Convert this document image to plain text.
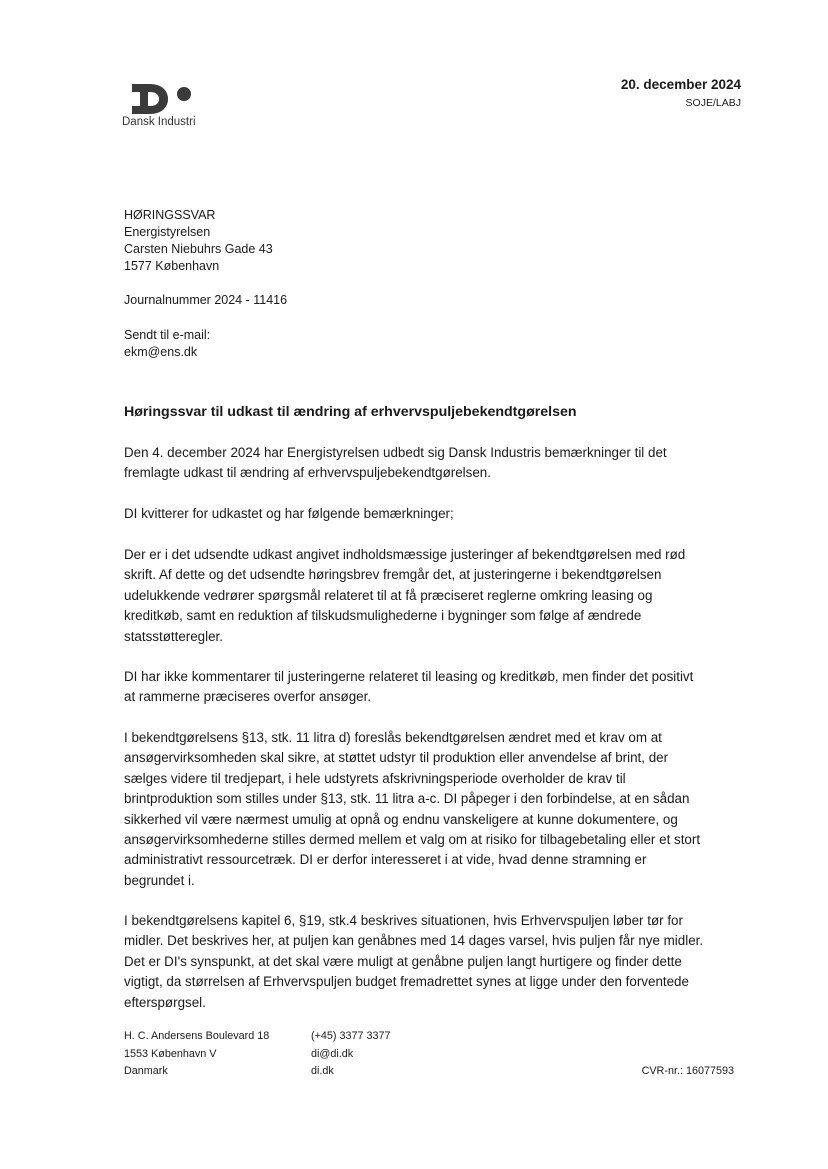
Dansk Industri
20. december 2024
SOJE/LABJ
HØRINGSSVAR
Energistyrelsen
Carsten Niebuhrs Gade 43
1577 København
Journalnummer 2024 - 11416
Sendt til e-mail:
ekm@ens.dk
Høringssvar til udkast til ændring af erhvervspuljebekendtgørelsen
Den 4. december 2024 har Energistyrelsen udbedt sig Dansk Industris bemærkninger til det
fremlagte udkast til ændring af erhvervspuljebekendtgørelsen.
DI kvitterer for udkastet og har følgende bemærkninger;
Der er i det udsendte udkast angivet indholdsmæssige justeringer af bekendtgørelsen med rød
skrift. Af dette og det udsendte høringsbrev fremgår det, at justeringerne i bekendtgørelsen
udelukkende vedrører spørgsmål relateret til at få præciseret reglerne omkring leasing og
kreditkøb, samt en reduktion af tilskudsmulighederne i bygninger som følge af ændrede
statsstøtteregler.
DI har ikke kommentarer til justeringerne relateret til leasing og kreditkøb, men finder det positivt
at rammerne præciseres overfor ansøger.
I bekendtgørelsens §13, stk. 11 litra d) foreslås bekendtgørelsen ændret med et krav om at
ansøgervirksomheden skal sikre, at støttet udstyr til produktion eller anvendelse af brint, der
sælges videre til tredjepart, i hele udstyrets afskrivningsperiode overholder de krav til
brintproduktion som stilles under §13, stk. 11 litra a-c. DI påpeger i den forbindelse, at en sådan
sikkerhed vil være nærmest umulig at opnå og endnu vanskeligere at kunne dokumentere, og
ansøgervirksomhederne stilles dermed mellem et valg om at risiko for tilbagebetaling eller et stort
administrativt ressourcetræk. DI er derfor interesseret i at vide, hvad denne stramning er
begrundet i.
I bekendtgørelsens kapitel 6, §19, stk.4 beskrives situationen, hvis Erhvervspuljen løber tør for
midler. Det beskrives her, at puljen kan genåbnes med 14 dages varsel, hvis puljen får nye midler.
Det er DI's synspunkt, at det skal være muligt at genåbne puljen langt hurtigere og finder dette
vigtigt, da størrelsen af Erhvervspuljen budget fremadrettet synes at ligge under den forventede
efterspørgsel.
H. C. Andersens Boulevard 18
1553 København V
Danmark
(+45) 3377 3377
di@di.dk
di.dk	CVR-nr.: 16077593
